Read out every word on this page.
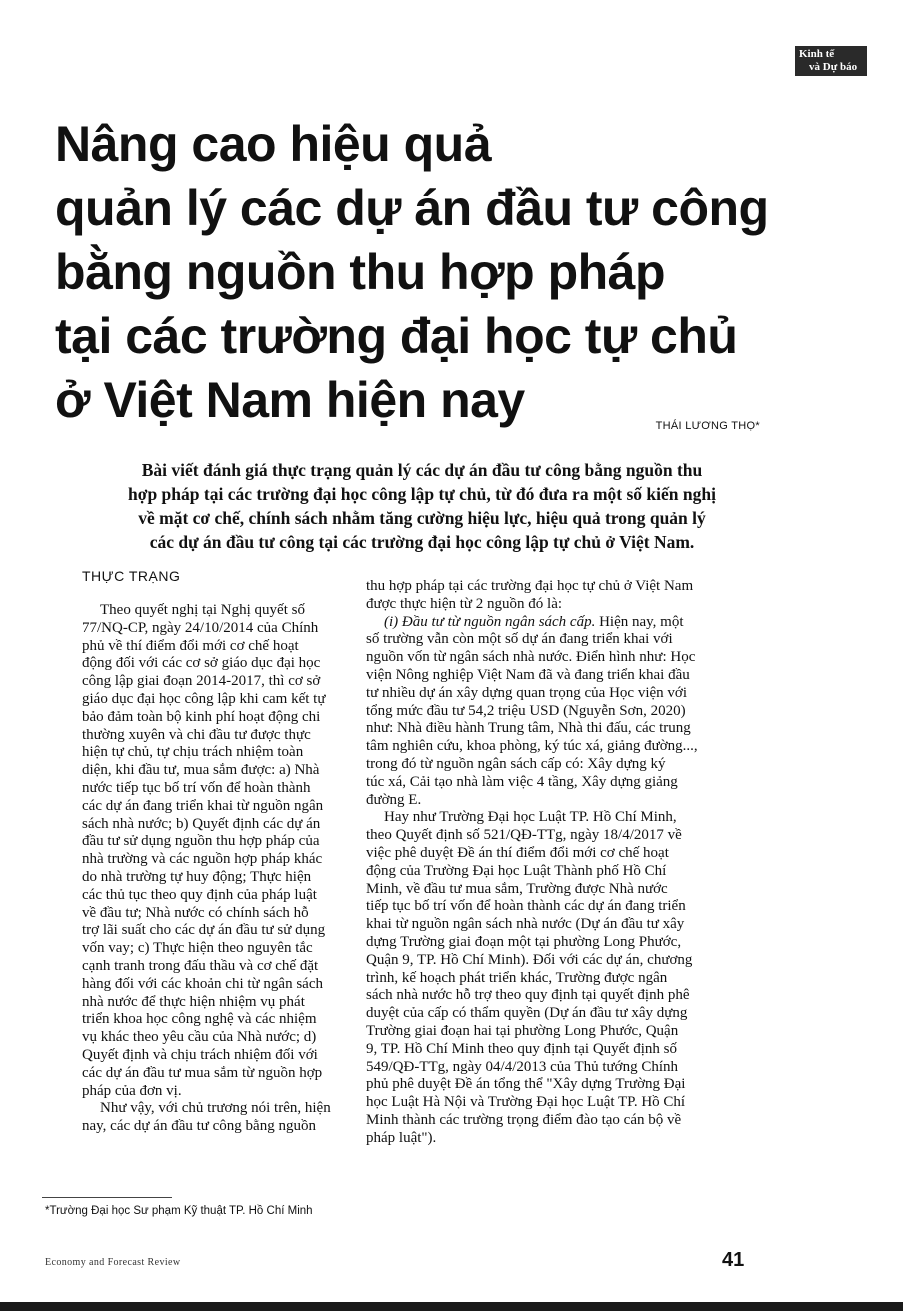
Kinh tế
và Dự báo
Nâng cao hiệu quả
quản lý các dự án đầu tư công
bằng nguồn thu hợp pháp
tại các trường đại học tự chủ
ở Việt Nam hiện nay	THÁI LƯƠNG THỌ*
Bài viết đánh giá thực trạng quản lý các dự án đầu tư công bằng nguồn thu
hợp pháp tại các trường đại học công lập tự chủ, từ đó đưa ra một số kiến nghị
về mặt cơ chế, chính sách nhằm tăng cường hiệu lực, hiệu quả trong quản lý
các dự án đầu tư công tại các trường đại học công lập tự chủ ở Việt Nam.
THỰC TRẠNG
Theo quyết nghị tại Nghị quyết số
77/NQ-CP, ngày 24/10/2014 của Chính
phủ về thí điểm đổi mới cơ chế hoạt
động đối với các cơ sở giáo dục đại học
công lập giai đoạn 2014-2017, thì cơ sở
giáo dục đại học công lập khi cam kết tự
bảo đảm toàn bộ kinh phí hoạt động chi
thường xuyên và chi đầu tư được thực
hiện tự chủ, tự chịu trách nhiệm toàn
diện, khi đầu tư, mua sắm được: a) Nhà
nước tiếp tục bố trí vốn để hoàn thành
các dự án đang triển khai từ nguồn ngân
sách nhà nước; b) Quyết định các dự án
đầu tư sử dụng nguồn thu hợp pháp của
nhà trường và các nguồn hợp pháp khác
do nhà trường tự huy động; Thực hiện
các thủ tục theo quy định của pháp luật
về đầu tư; Nhà nước có chính sách hỗ
trợ lãi suất cho các dự án đầu tư sử dụng
vốn vay; c) Thực hiện theo nguyên tắc
cạnh tranh trong đấu thầu và cơ chế đặt
hàng đối với các khoản chi từ ngân sách
nhà nước để thực hiện nhiệm vụ phát
triển khoa học công nghệ và các nhiệm
vụ khác theo yêu cầu của Nhà nước; d)
Quyết định và chịu trách nhiệm đối với
các dự án đầu tư mua sắm từ nguồn hợp
pháp của đơn vị.
Như vậy, với chủ trương nói trên, hiện
nay, các dự án đầu tư công bằng nguồn
thu hợp pháp tại các trường đại học tự chủ ở Việt Nam
được thực hiện từ 2 nguồn đó là:
(i) Đầu tư từ nguồn ngân sách cấp. Hiện nay, một
số trường vẫn còn một số dự án đang triển khai với
nguồn vốn từ ngân sách nhà nước. Điển hình như: Học
viện Nông nghiệp Việt Nam đã và đang triển khai đầu
tư nhiều dự án xây dựng quan trọng của Học viện với
tổng mức đầu tư 54,2 triệu USD (Nguyễn Sơn, 2020)
như: Nhà điều hành Trung tâm, Nhà thi đấu, các trung
tâm nghiên cứu, khoa phòng, ký túc xá, giảng đường...,
trong đó từ nguồn ngân sách cấp có: Xây dựng ký
túc xá, Cải tạo nhà làm việc 4 tầng, Xây dựng giảng
đường E.
Hay như Trường Đại học Luật TP. Hồ Chí Minh,
theo Quyết định số 521/QĐ-TTg, ngày 18/4/2017 về
việc phê duyệt Đề án thí điểm đổi mới cơ chế hoạt
động của Trường Đại học Luật Thành phố Hồ Chí
Minh, về đầu tư mua sắm, Trường được Nhà nước
tiếp tục bố trí vốn để hoàn thành các dự án đang triển
khai từ nguồn ngân sách nhà nước (Dự án đầu tư xây
dựng Trường giai đoạn một tại phường Long Phước,
Quận 9, TP. Hồ Chí Minh). Đối với các dự án, chương
trình, kế hoạch phát triển khác, Trường được ngân
sách nhà nước hỗ trợ theo quy định tại quyết định phê
duyệt của cấp có thẩm quyền (Dự án đầu tư xây dựng
Trường giai đoạn hai tại phường Long Phước, Quận
9, TP. Hồ Chí Minh theo quy định tại Quyết định số
549/QĐ-TTg, ngày 04/4/2013 của Thủ tướng Chính
phủ phê duyệt Đề án tổng thể "Xây dựng Trường Đại
học Luật Hà Nội và Trường Đại học Luật TP. Hồ Chí
Minh thành các trường trọng điểm đào tạo cán bộ về
pháp luật").
*Trường Đại học Sư phạm Kỹ thuật TP. Hồ Chí Minh
Economy and Forecast Review	41
